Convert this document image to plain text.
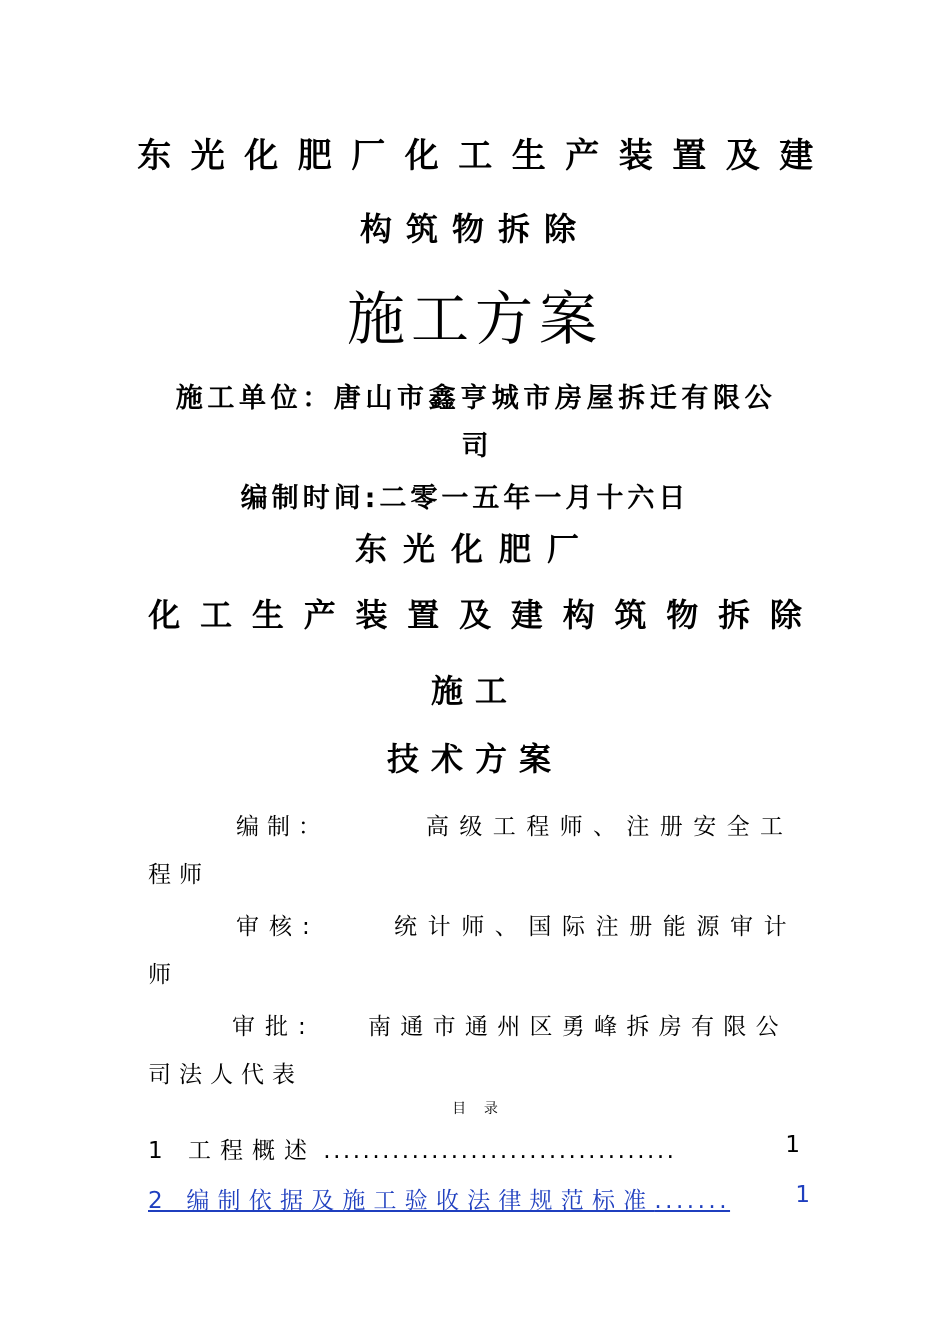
东光化肥厂化工生产装置及建
构筑物拆除
施工方案
施工单位：唐山市鑫亨城市房屋拆迁有限公
司
编制时间:二零一五年一月十六日
东光化肥厂
化工生产装置及建构筑物拆除
施工
技术方案
编制：	高级工程师、注册安全工
程师
审核:	统计师、国际注册能源审计
师
审批: 南通市通州区勇峰拆房有限公
司法人代表
目    录
1 工程概述 ....................................	1
2 编制依据及施工验收法律规范标准.......	1
